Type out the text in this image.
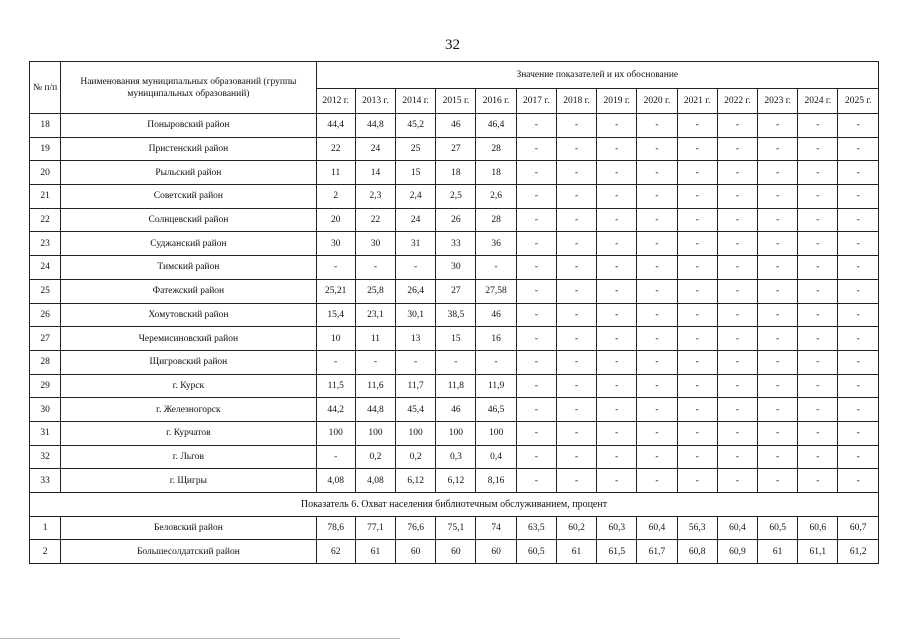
32
№ п/п	Наименования муниципальных образований (группы муниципальных образований)	Значение показателей и их обоснование													
		2012 г.	2013 г.	2014 г.	2015 г.	2016 г.	2017 г.	2018 г.	2019 г.	2020 г.	2021 г.	2022 г.	2023 г.	2024 г.	2025 г.
18	Поныровский район	44,4	44,8	45,2	46	46,4	-	-	-	-	-	-	-	-	-
19	Пристенский район	22	24	25	27	28	-	-	-	-	-	-	-	-	-
20	Рыльский район	11	14	15	18	18	-	-	-	-	-	-	-	-	-
21	Советский район	2	2,3	2,4	2,5	2,6	-	-	-	-	-	-	-	-	-
22	Солнцевский район	20	22	24	26	28	-	-	-	-	-	-	-	-	-
23	Суджанский район	30	30	31	33	36	-	-	-	-	-	-	-	-	-
24	Тимский район	-	-	-	30	-	-	-	-	-	-	-	-	-	-
25	Фатежский район	25,21	25,8	26,4	27	27,58	-	-	-	-	-	-	-	-	-
26	Хомутовский район	15,4	23,1	30,1	38,5	46	-	-	-	-	-	-	-	-	-
27	Черемисиновский район	10	11	13	15	16	-	-	-	-	-	-	-	-	-
28	Щигровский район	-	-	-	-	-	-	-	-	-	-	-	-	-	-
29	г. Курск	11,5	11,6	11,7	11,8	11,9	-	-	-	-	-	-	-	-	-
30	г. Железногорск	44,2	44,8	45,4	46	46,5	-	-	-	-	-	-	-	-	-
31	г. Курчатов	100	100	100	100	100	-	-	-	-	-	-	-	-	-
32	г. Льгов	-	0,2	0,2	0,3	0,4	-	-	-	-	-	-	-	-	-
33	г. Щигры	4,08	4,08	6,12	6,12	8,16	-	-	-	-	-	-	-	-	-
Показатель 6. Охват населения библиотечным обслуживанием, процент															
1	Беловский район	78,6	77,1	76,6	75,1	74	63,5	60,2	60,3	60,4	56,3	60,4	60,5	60,6	60,7
2	Большесолдатский район	62	61	60	60	60	60,5	61	61,5	61,7	60,8	60,9	61	61,1	61,2
